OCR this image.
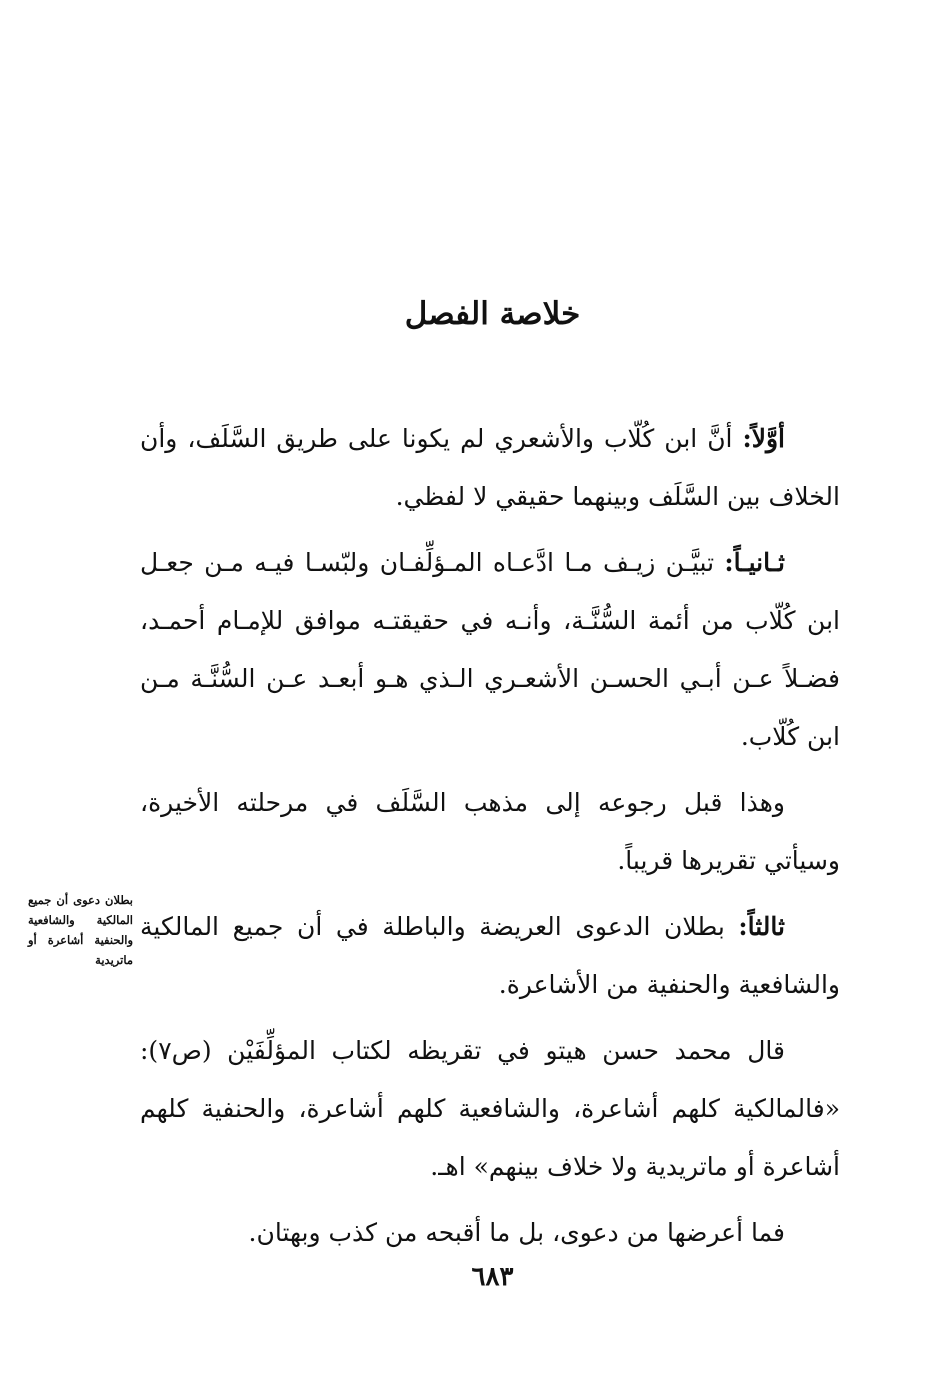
خلاصة الفصل

أوَّلاً: أنَّ ابن كُلّاب والأشعري لم يكونا على طريق السَّلَف، وأن الخلاف بين السَّلَف وبينهما حقيقي لا لفظي.

ثـانيـاً: تبيَّـن زيـف مـا ادَّعـاه المـؤلِّفـان ولبّسـا فيـه مـن جعـل ابن كُلّاب من أئمة السُّنَّـة، وأنـه في حقيقتـه موافق للإمـام أحمـد، فضـلاً عـن أبـي الحسـن الأشعـري الـذي هـو أبعـد عـن السُّنَّـة مـن ابن كُلّاب.

وهذا قبل رجوعه إلى مذهب السَّلَف في مرحلته الأخيرة، وسيأتي تقريرها قريباً.

ثالثاً: بطلان الدعوى العريضة والباطلة في أن جميع المالكية والشافعية والحنفية من الأشاعرة.

قال محمد حسن هيتو في تقريظه لكتاب المؤلِّفَيْن (ص٧): «فالمالكية كلهم أشاعرة، والشافعية كلهم أشاعرة، والحنفية كلهم أشاعرة أو ماتريدية ولا خلاف بينهم» اهـ.

فما أعرضها من دعوى، بل ما أقبحه من كذب وبهتان.

بطلان دعوى أن جميع المالكية والشافعية والحنفية أشاعرة أو ماتريدية
٦٨٣
